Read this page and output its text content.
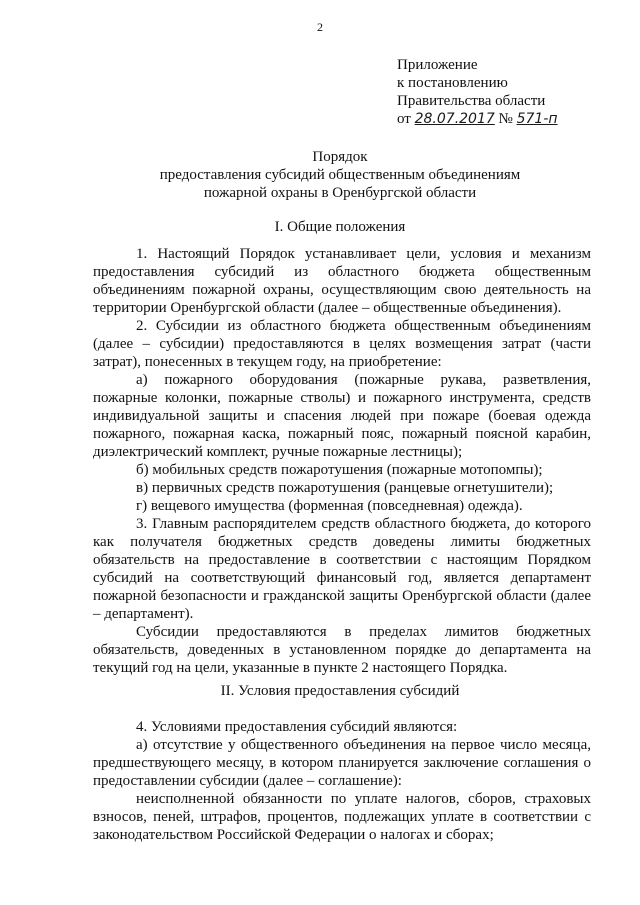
2
Приложение
к постановлению
Правительства области
от 28.07.2017 № 571-п
Порядок
предоставления субсидий общественным объединениям
пожарной охраны в Оренбургской области
I. Общие положения

1. Настоящий Порядок устанавливает цели, условия и механизм предоставления субсидий из областного бюджета общественным объединениям пожарной охраны, осуществляющим свою деятельность на территории Оренбургской области (далее – общественные объединения).

2. Субсидии из областного бюджета общественным объединениям (далее – субсидии) предоставляются в целях возмещения затрат (части затрат), понесенных в текущем году, на приобретение:

а) пожарного оборудования (пожарные рукава, разветвления, пожарные колонки, пожарные стволы) и пожарного инструмента, средств индивидуальной защиты и спасения людей при пожаре (боевая одежда пожарного, пожарная каска, пожарный пояс, пожарный поясной карабин, диэлектрический комплект, ручные пожарные лестницы);

б) мобильных средств пожаротушения (пожарные мотопомпы);

в) первичных средств пожаротушения (ранцевые огнетушители);

г) вещевого имущества (форменная (повседневная) одежда).

3. Главным распорядителем средств областного бюджета, до которого как получателя бюджетных средств доведены лимиты бюджетных обязательств на предоставление в соответствии с настоящим Порядком субсидий на соответствующий финансовый год, является департамент пожарной безопасности и гражданской защиты Оренбургской области (далее – департамент).

Субсидии предоставляются в пределах лимитов бюджетных обязательств, доведенных в установленном порядке до департамента на текущий год на цели, указанные в пункте 2 настоящего Порядка.

II. Условия предоставления субсидий

4. Условиями предоставления субсидий являются:

а) отсутствие у общественного объединения на первое число месяца, предшествующего месяцу, в котором планируется заключение соглашения о предоставлении субсидии (далее – соглашение):

неисполненной обязанности по уплате налогов, сборов, страховых взносов, пеней, штрафов, процентов, подлежащих уплате в соответствии с законодательством Российской Федерации о налогах и сборах;
